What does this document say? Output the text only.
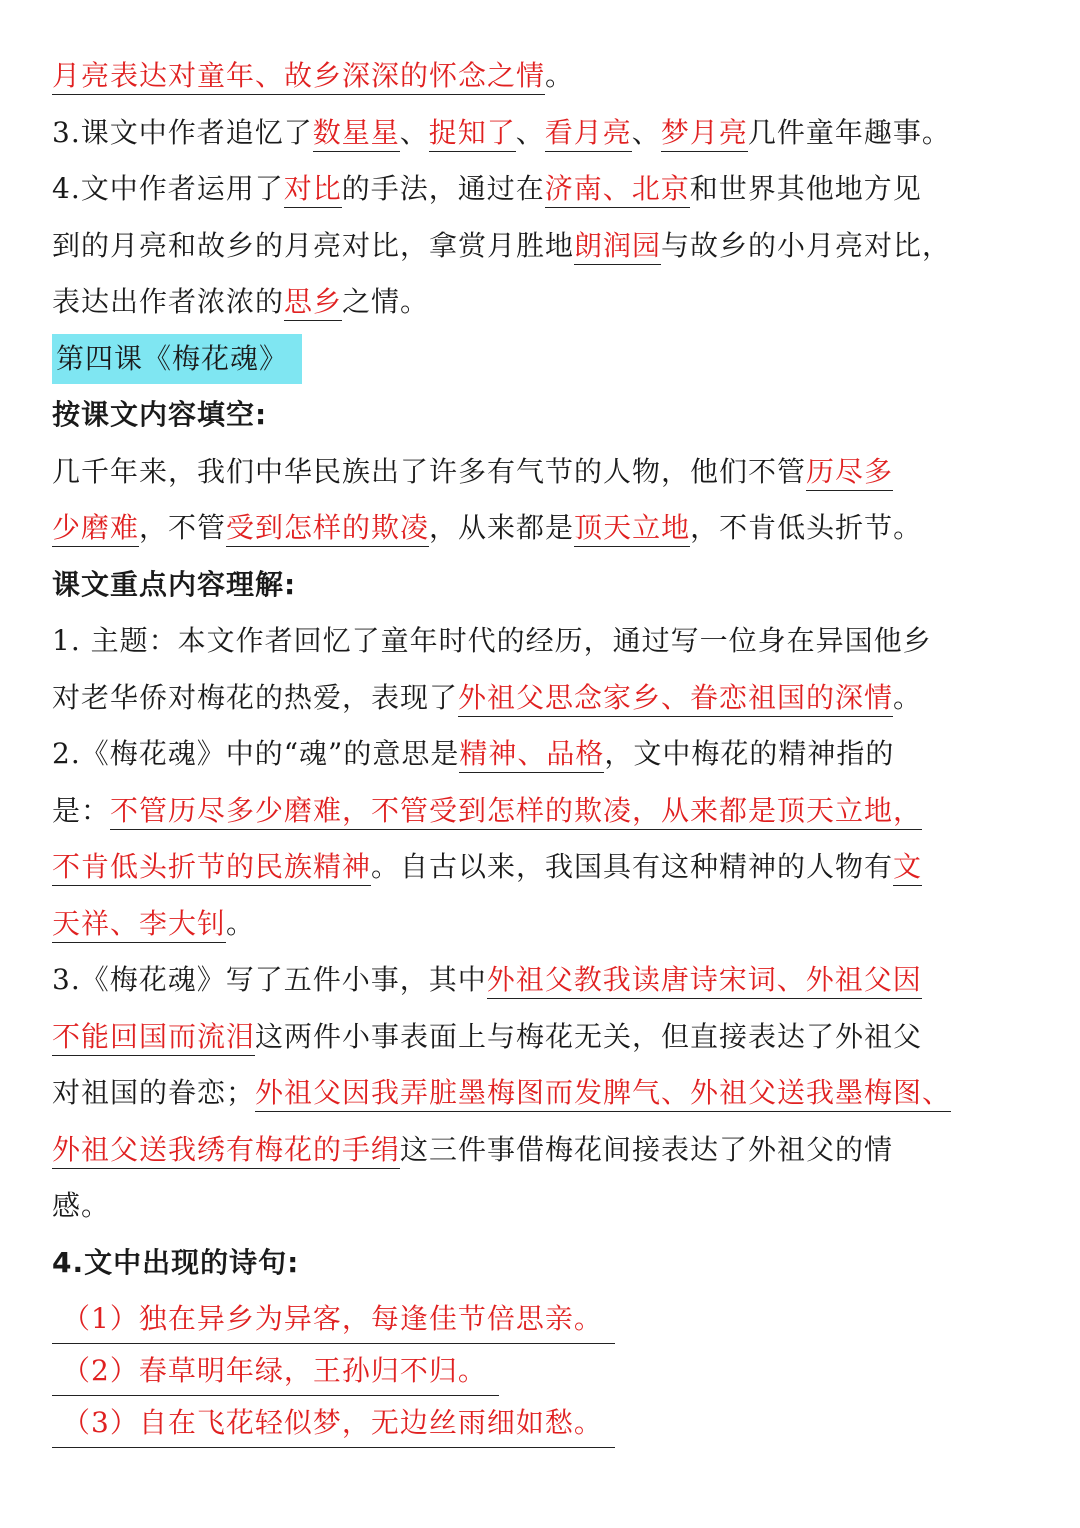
月亮表达对童年、故乡深深的怀念之情。
3.课文中作者追忆了数星星、捉知了、看月亮、梦月亮几件童年趣事。
4.文中作者运用了对比的手法，通过在济南、北京和世界其他地方见
到的月亮和故乡的月亮对比，拿赏月胜地朗润园与故乡的小月亮对比，
表达出作者浓浓的思乡之情。
第四课《梅花魂》
按课文内容填空:
几千年来，我们中华民族出了许多有气节的人物，他们不管历尽多
少磨难，不管受到怎样的欺凌，从来都是顶天立地，不肯低头折节。
课文重点内容理解:
1. 主题：本文作者回忆了童年时代的经历，通过写一位身在异国他乡
对老华侨对梅花的热爱，表现了外祖父思念家乡、眷恋祖国的深情。
2.《梅花魂》中的“魂”的意思是精神、品格，文中梅花的精神指的
是：不管历尽多少磨难，不管受到怎样的欺凌，从来都是顶天立地，
不肯低头折节的民族精神。自古以来，我国具有这种精神的人物有文
天祥、李大钊。
3.《梅花魂》写了五件小事，其中外祖父教我读唐诗宋词、外祖父因
不能回国而流泪这两件小事表面上与梅花无关，但直接表达了外祖父
对祖国的眷恋；外祖父因我弄脏墨梅图而发脾气、外祖父送我墨梅图、
外祖父送我绣有梅花的手绢这三件事借梅花间接表达了外祖父的情
感。
4.文中出现的诗句:
（1）独在异乡为异客，每逢佳节倍思亲。
（2）春草明年绿，王孙归不归。
（3）自在飞花轻似梦，无边丝雨细如愁。
